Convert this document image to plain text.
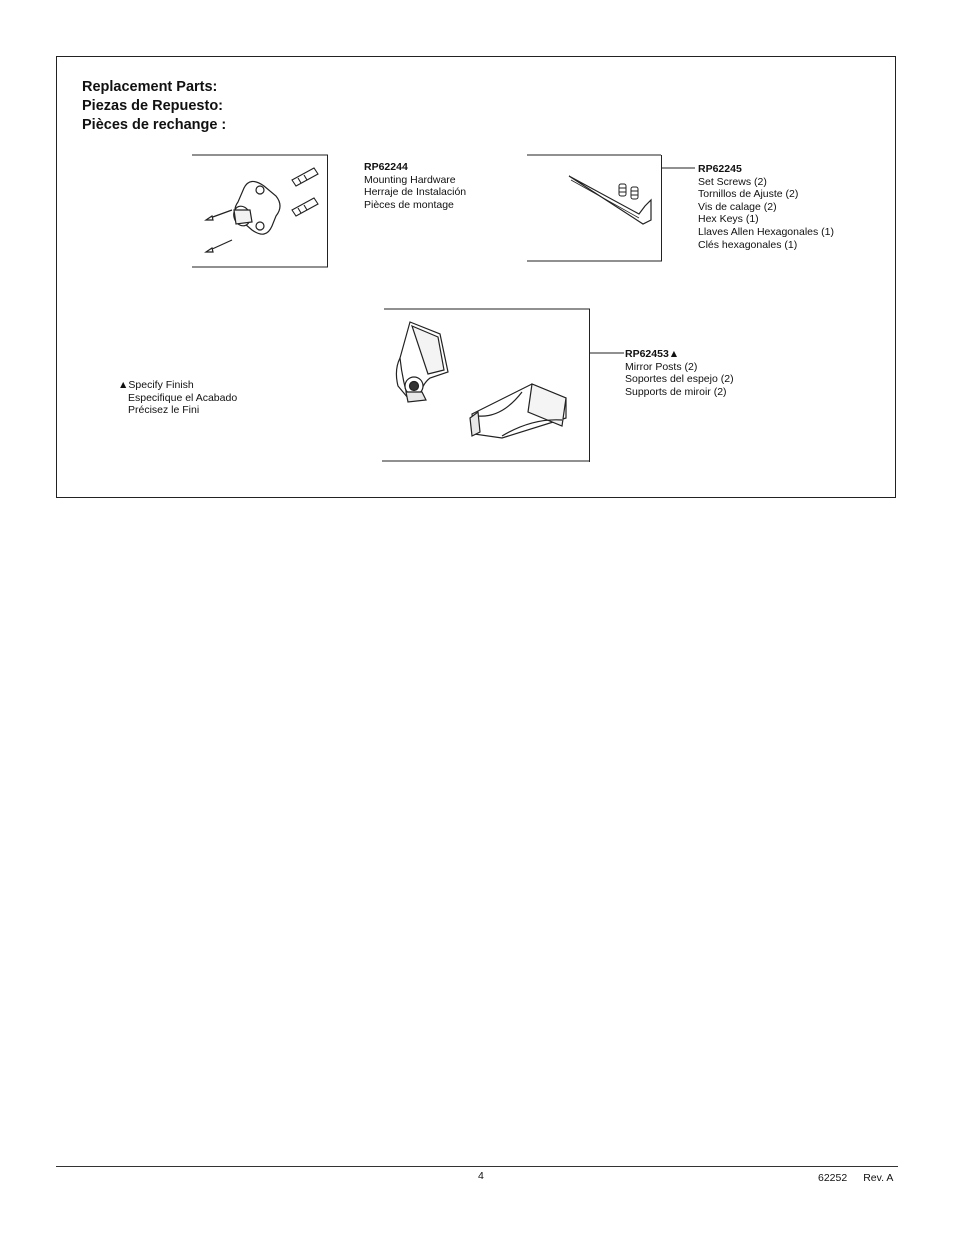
Replacement Parts:
Piezas de Repuesto:
Pièces de rechange :
RP62244
Mounting Hardware
Herraje de Instalación
Pièces de montage
RP62245
Set Screws (2)
Tornillos de Ajuste (2)
Vis de calage (2)
Hex Keys (1)
Llaves Allen Hexagonales (1)
Clés hexagonales (1)
RP62453▲
Mirror Posts (2)
Soportes del espejo (2)
Supports de miroir (2)
▲Specify Finish
Especifique el Acabado
Précisez le Fini
4	62252 Rev. A
